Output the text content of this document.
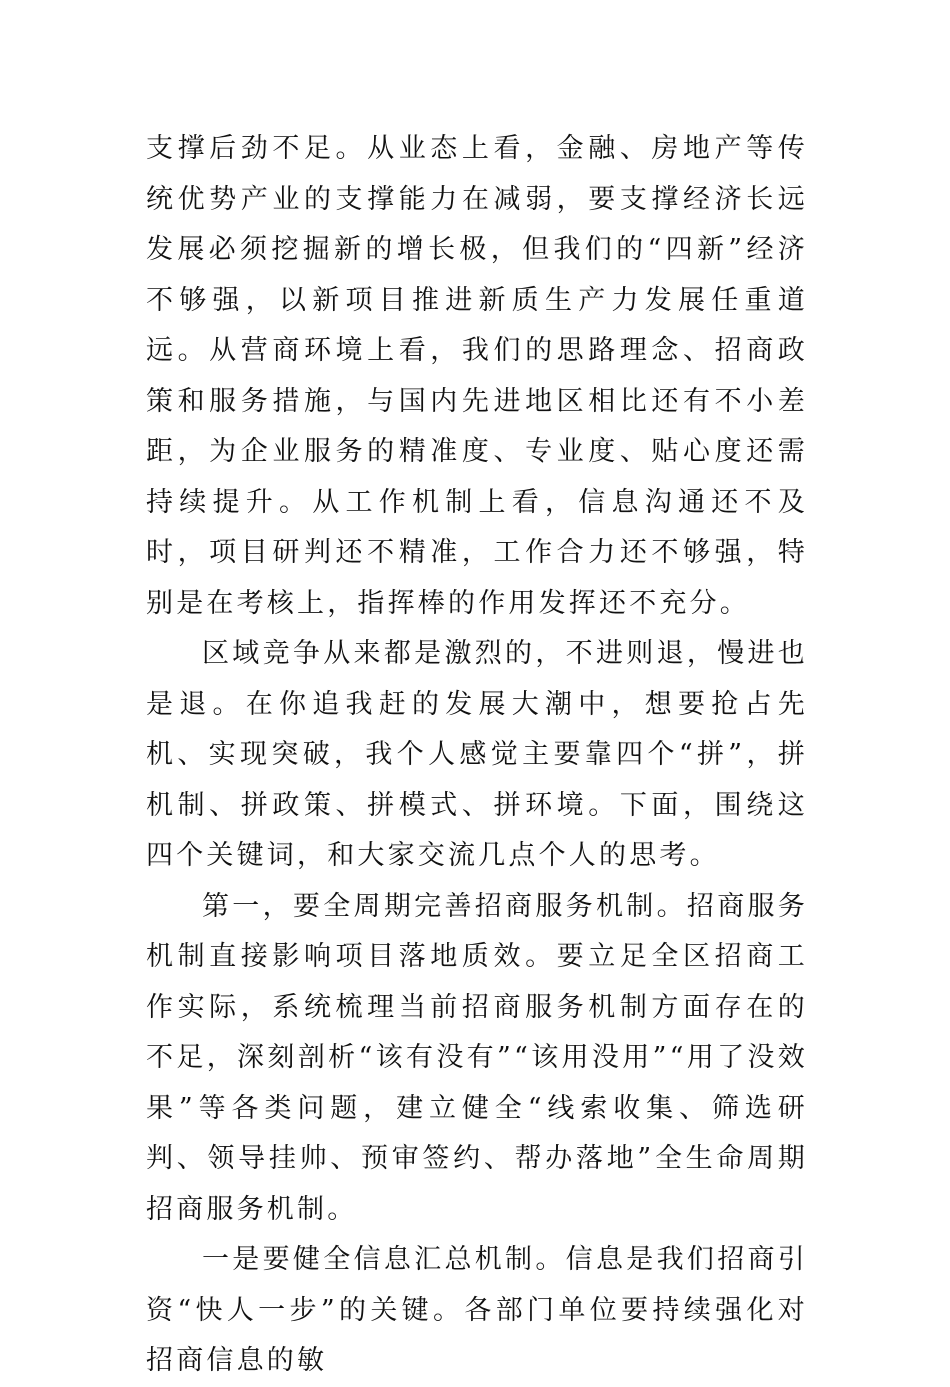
支撑后劲不足。从业态上看，金融、房地产等传统优势产业的支撑能力在减弱，要支撑经济长远发展必须挖掘新的增长极，但我们的“四新”经济不够强，以新项目推进新质生产力发展任重道远。从营商环境上看，我们的思路理念、招商政策和服务措施，与国内先进地区相比还有不小差距，为企业服务的精准度、专业度、贴心度还需持续提升。从工作机制上看，信息沟通还不及时，项目研判还不精准，工作合力还不够强，特别是在考核上，指挥棒的作用发挥还不充分。

区域竞争从来都是激烈的，不进则退，慢进也是退。在你追我赶的发展大潮中，想要抢占先机、实现突破，我个人感觉主要靠四个“拼”，拼机制、拼政策、拼模式、拼环境。下面，围绕这四个关键词，和大家交流几点个人的思考。

第一，要全周期完善招商服务机制。招商服务机制直接影响项目落地质效。要立足全区招商工作实际，系统梳理当前招商服务机制方面存在的不足，深刻剖析“该有没有”“该用没用”“用了没效果”等各类问题，建立健全“线索收集、筛选研判、领导挂帅、预审签约、帮办落地”全生命周期招商服务机制。

一是要健全信息汇总机制。信息是我们招商引资“快人一步”的关键。各部门单位要持续强化对招商信息的敏
